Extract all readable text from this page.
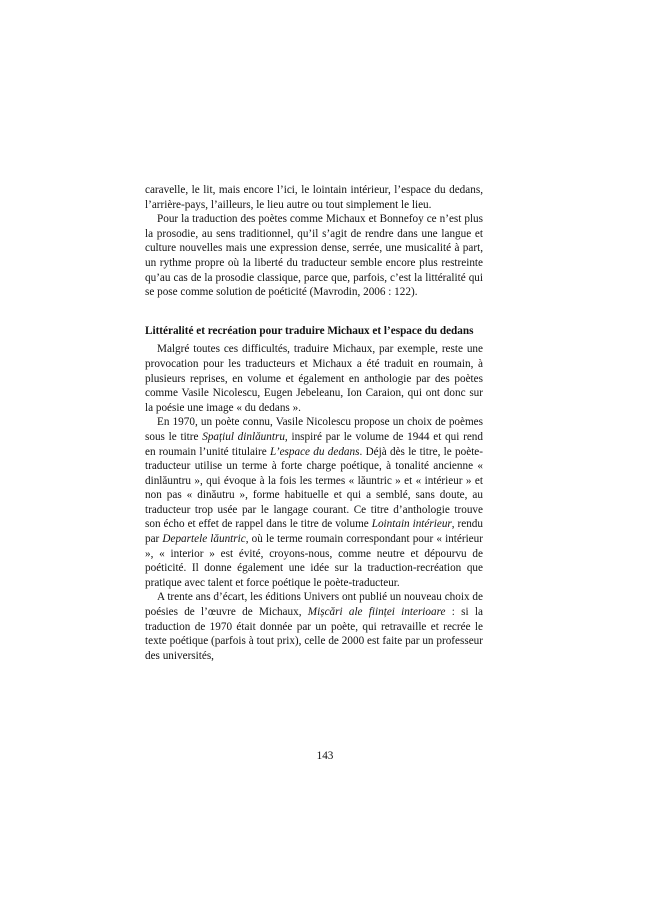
caravelle, le lit, mais encore l’ici, le lointain intérieur, l’espace du dedans, l’arrière-pays, l’ailleurs, le lieu autre ou tout simplement le lieu.

Pour la traduction des poètes comme Michaux et Bonnefoy ce n’est plus la prosodie, au sens traditionnel, qu’il s’agit de rendre dans une langue et culture nouvelles mais une expression dense, serrée, une musicalité à part, un rythme propre où la liberté du traducteur semble encore plus restreinte qu’au cas de la prosodie classique, parce que, parfois, c’est la littéralité qui se pose comme solution de poéticité (Mavrodin, 2006 : 122).

Littéralité et recréation pour traduire Michaux et l’espace du dedans

Malgré toutes ces difficultés, traduire Michaux, par exemple, reste une provocation pour les traducteurs et Michaux a été traduit en roumain, à plusieurs reprises, en volume et également en anthologie par des poètes comme Vasile Nicolescu, Eugen Jebeleanu, Ion Caraion, qui ont donc sur la poésie une image « du dedans ».

En 1970, un poète connu, Vasile Nicolescu propose un choix de poèmes sous le titre Spațiul dinlăuntru, inspiré par le volume de 1944 et qui rend en roumain l’unité titulaire L’espace du dedans. Déjà dès le titre, le poète-traducteur utilise un terme à forte charge poétique, à tonalité ancienne « dinlăuntru », qui évoque à la fois les termes « lăuntric » et « intérieur » et non pas « dinăutru », forme habituelle et qui a semblé, sans doute, au traducteur trop usée par le langage courant. Ce titre d’anthologie trouve son écho et effet de rappel dans le titre de volume Lointain intérieur, rendu par Departele lăuntric, où le terme roumain correspondant pour « intérieur », « interior » est évité, croyons-nous, comme neutre et dépourvu de poéticité. Il donne également une idée sur la traduction-recréation que pratique avec talent et force poétique le poète-traducteur.

A trente ans d’écart, les éditions Univers ont publié un nouveau choix de poésies de l’œuvre de Michaux, Mișcări ale ființei interioare : si la traduction de 1970 était donnée par un poète, qui retravaille et recrée le texte poétique (parfois à tout prix), celle de 2000 est faite par un professeur des universités,

143
